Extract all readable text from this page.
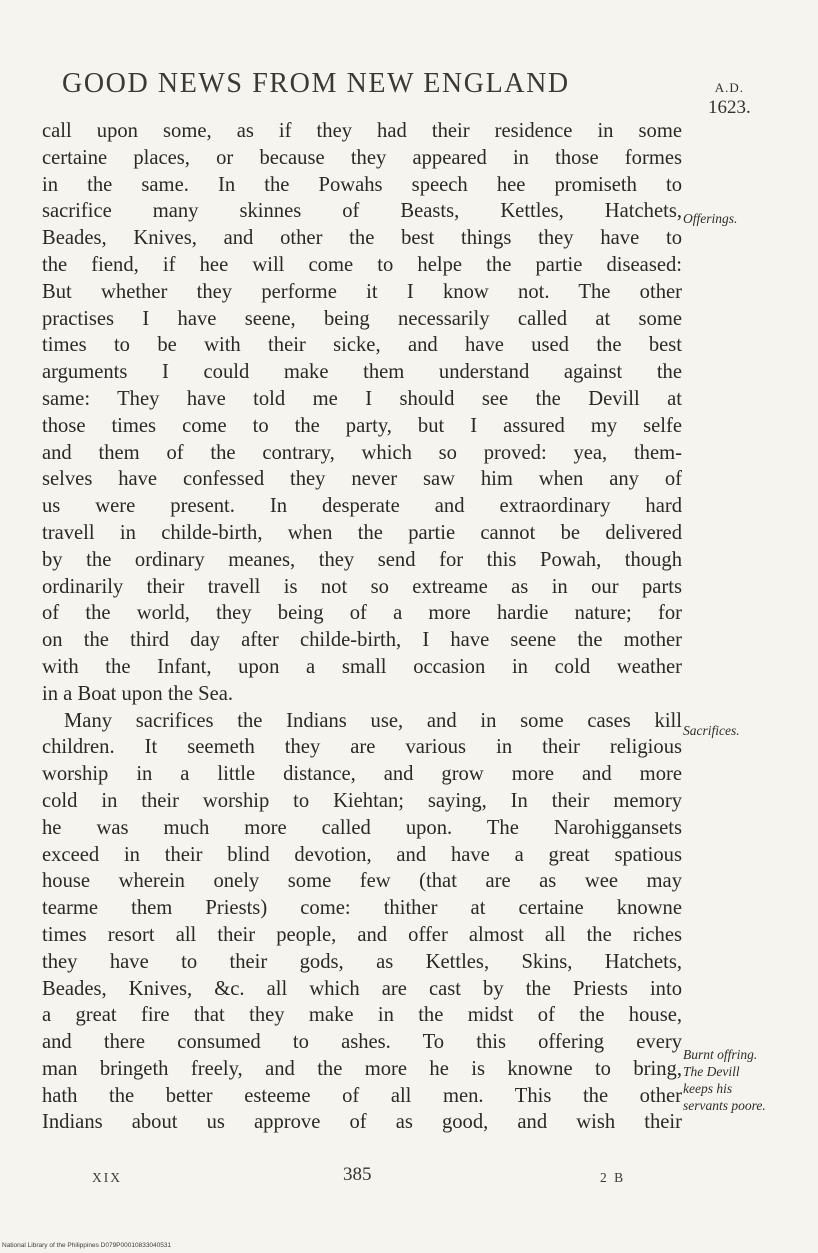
GOOD NEWS FROM NEW ENGLAND	A.D.
1623.
call upon some, as if they had their residence in some
certaine places, or because they appeared in those formes
in the same. In the Powahs speech hee promiseth to
sacrifice many skinnes of Beasts, Kettles, Hatchets,
Beades, Knives, and other the best things they have to
the fiend, if hee will come to helpe the partie diseased:
But whether they performe it I know not. The other
practises I have seene, being necessarily called at some
times to be with their sicke, and have used the best
arguments I could make them understand against the
same: They have told me I should see the Devill at
those times come to the party, but I assured my selfe
and them of the contrary, which so proved: yea, them-
selves have confessed they never saw him when any of
us were present. In desperate and extraordinary hard
travell in childe-birth, when the partie cannot be delivered
by the ordinary meanes, they send for this Powah, though
ordinarily their travell is not so extreame as in our parts
of the world, they being of a more hardie nature; for
on the third day after childe-birth, I have seene the mother
with the Infant, upon a small occasion in cold weather
in a Boat upon the Sea.
Many sacrifices the Indians use, and in some cases kill
children. It seemeth they are various in their religious
worship in a little distance, and grow more and more
cold in their worship to Kiehtan; saying, In their memory
he was much more called upon. The Narohiggansets
exceed in their blind devotion, and have a great spatious
house wherein onely some few (that are as wee may
tearme them Priests) come: thither at certaine knowne
times resort all their people, and offer almost all the riches
they have to their gods, as Kettles, Skins, Hatchets,
Beades, Knives, &c. all which are cast by the Priests into
a great fire that they make in the midst of the house,
and there consumed to ashes. To this offering every
man bringeth freely, and the more he is knowne to bring,
hath the better esteeme of all men. This the other
Indians about us approve of as good, and wish their
Offerings.
Sacrifices.
Burnt offring.
The Devill
keeps his
servants poore.
XIX	385	2 B
National Library of the Philippines D079P0001083304053​1
